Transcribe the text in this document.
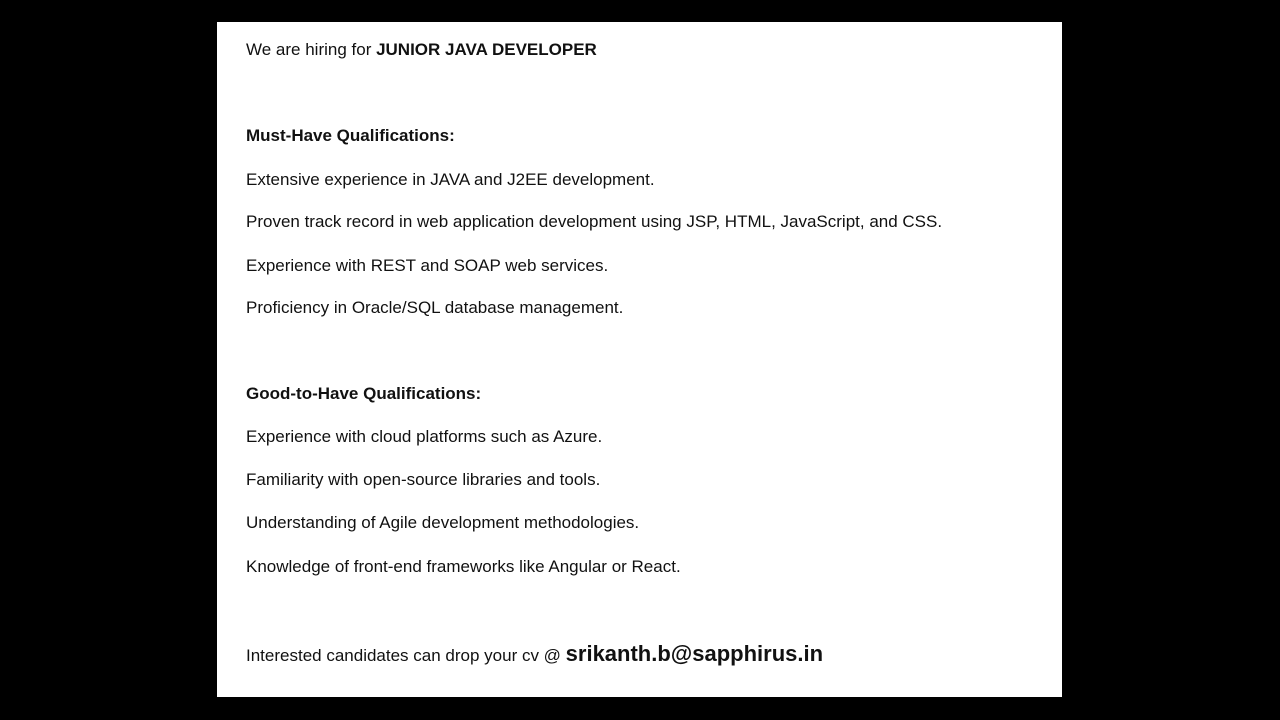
We are hiring for JUNIOR JAVA DEVELOPER
Must-Have Qualifications:
Extensive experience in JAVA and J2EE development.
Proven track record in web application development using JSP, HTML, JavaScript, and CSS.
Experience with REST and SOAP web services.
Proficiency in Oracle/SQL database management.
Good-to-Have Qualifications:
Experience with cloud platforms such as Azure.
Familiarity with open-source libraries and tools.
Understanding of Agile development methodologies.
Knowledge of front-end frameworks like Angular or React.
Interested candidates can drop your cv @ srikanth.b@sapphirus.in
